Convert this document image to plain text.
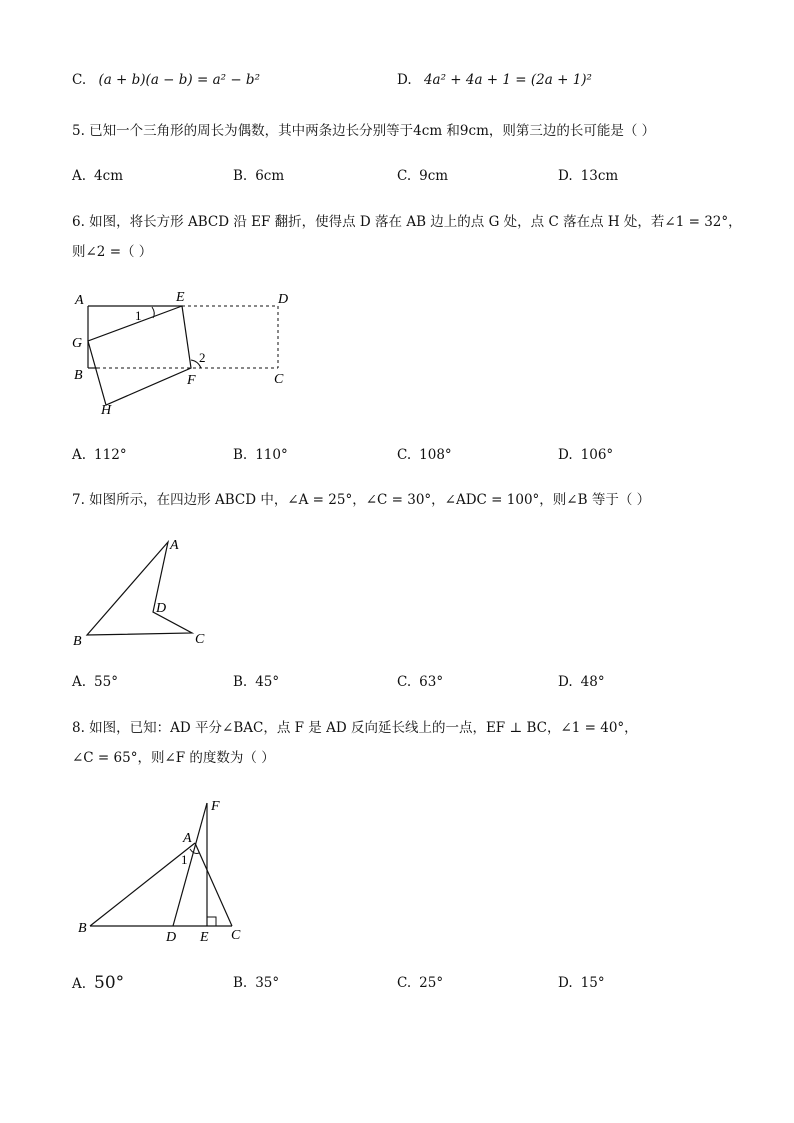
C. (a + b)(a − b) = a² − b²	D. 4a² + 4a + 1 = (2a + 1)²
5. 已知一个三角形的周长为偶数，其中两条边长分别等于4cm 和9cm，则第三边的长可能是（ ）
A. 4cm	B. 6cm	C. 9cm	D. 13cm
6. 如图，将长方形 ABCD 沿 EF 翻折，使得点 D 落在 AB 边上的点 G 处，点 C 落在点 H 处，若∠1 = 32°，
则∠2 =（ ）
A	E	D
G
B	F	C
H
1
2
A. 112°	B. 110°	C. 108°	D. 106°
7. 如图所示，在四边形 ABCD 中，∠A = 25°，∠C = 30°，∠ADC = 100°，则∠B 等于（ ）
A
B	C
D
A. 55°	B. 45°	C. 63°	D. 48°
8. 如图，已知：AD 平分∠BAC，点 F 是 AD 反向延长线上的一点，EF ⊥ BC，∠1 = 40°，
∠C = 65°，则∠F 的度数为（ ）
F
A
1
B
D E C
A. 50°	B. 35°	C. 25°	D. 15°
